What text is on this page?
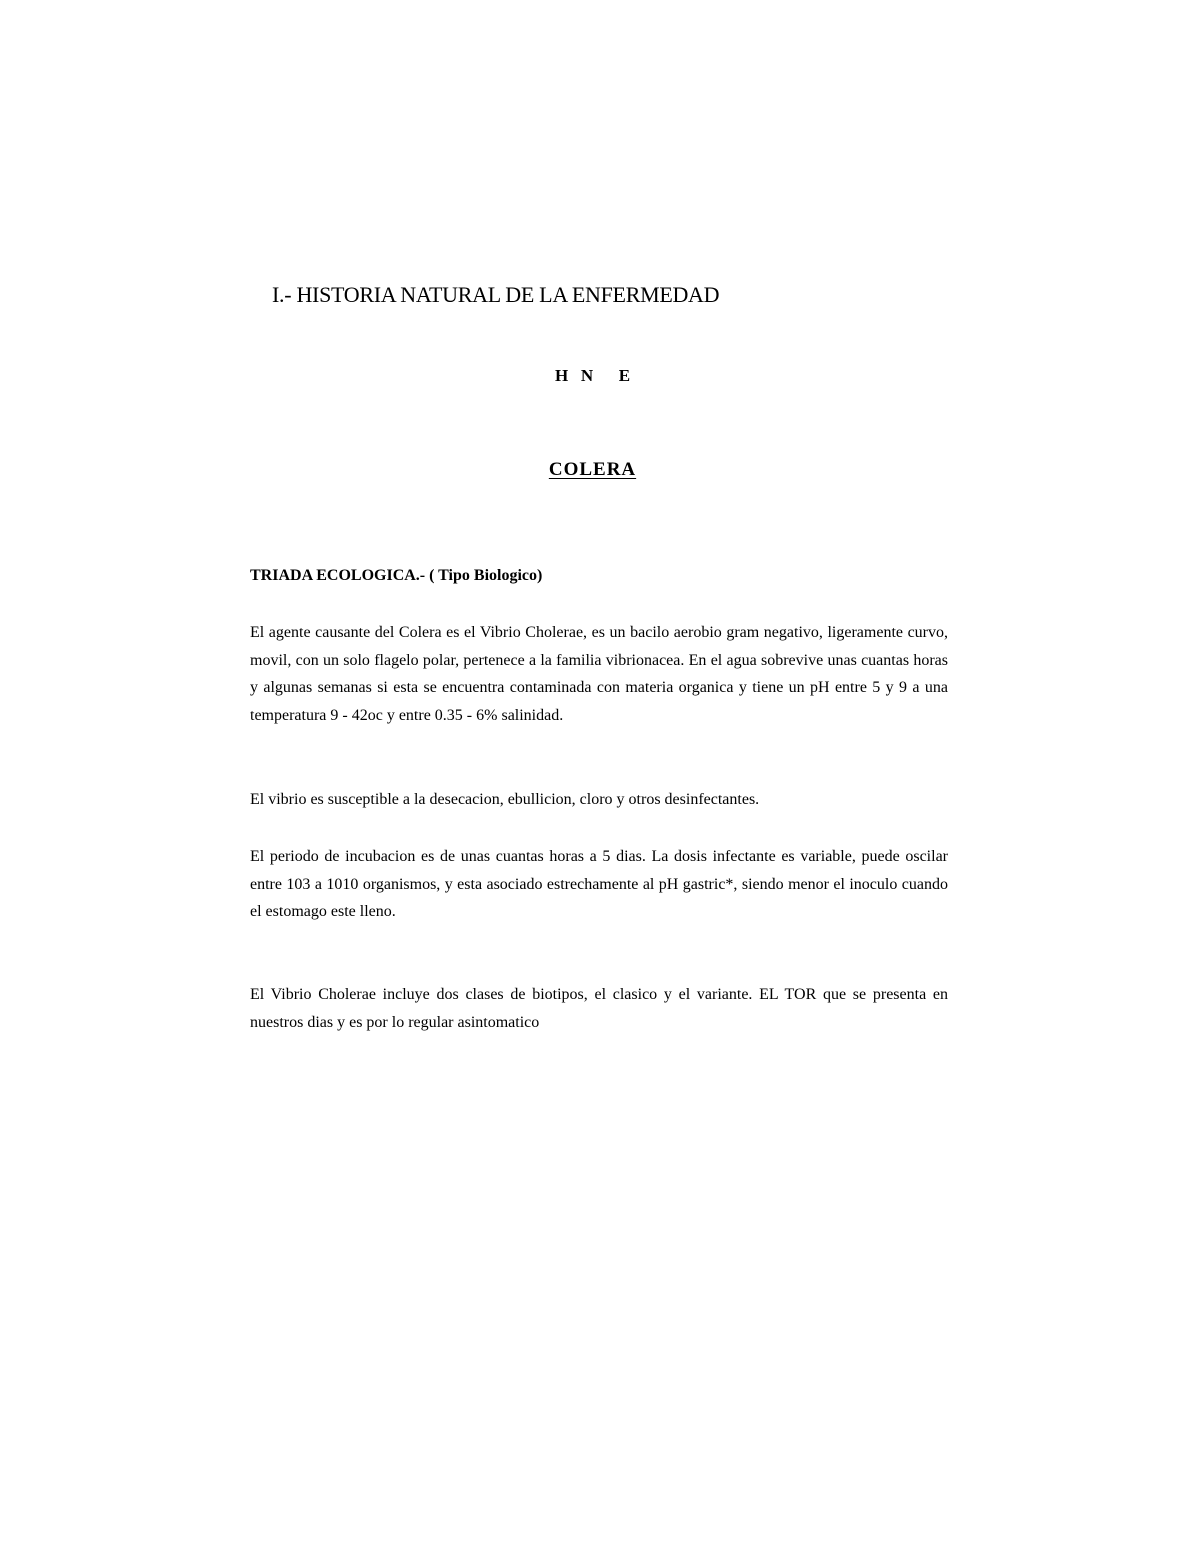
I.- HISTORIA NATURAL DE LA ENFERMEDAD
H   N      E
COLERA
TRIADA ECOLOGICA.- ( Tipo Biologico)

El agente causante del Colera es el Vibrio Cholerae, es un bacilo aerobio gram negativo, ligeramente curvo, movil, con un solo flagelo polar, pertenece a la familia vibrionacea. En el agua sobrevive unas cuantas horas y algunas semanas si esta se encuentra contaminada con materia organica y tiene un pH entre 5 y 9 a una temperatura 9 - 42oc y entre 0.35 - 6% salinidad.

El vibrio es susceptible a la desecacion, ebullicion, cloro y otros desinfectantes.

El periodo de incubacion es de unas cuantas horas a 5 dias. La dosis infectante es variable, puede oscilar entre 103 a 1010 organismos, y esta asociado estrechamente al pH gastric*, siendo menor el inoculo cuando el estomago este lleno.

El Vibrio Cholerae incluye dos clases de biotipos, el clasico y el variante. EL TOR que se presenta en nuestros dias y es por lo regular asintomatico
